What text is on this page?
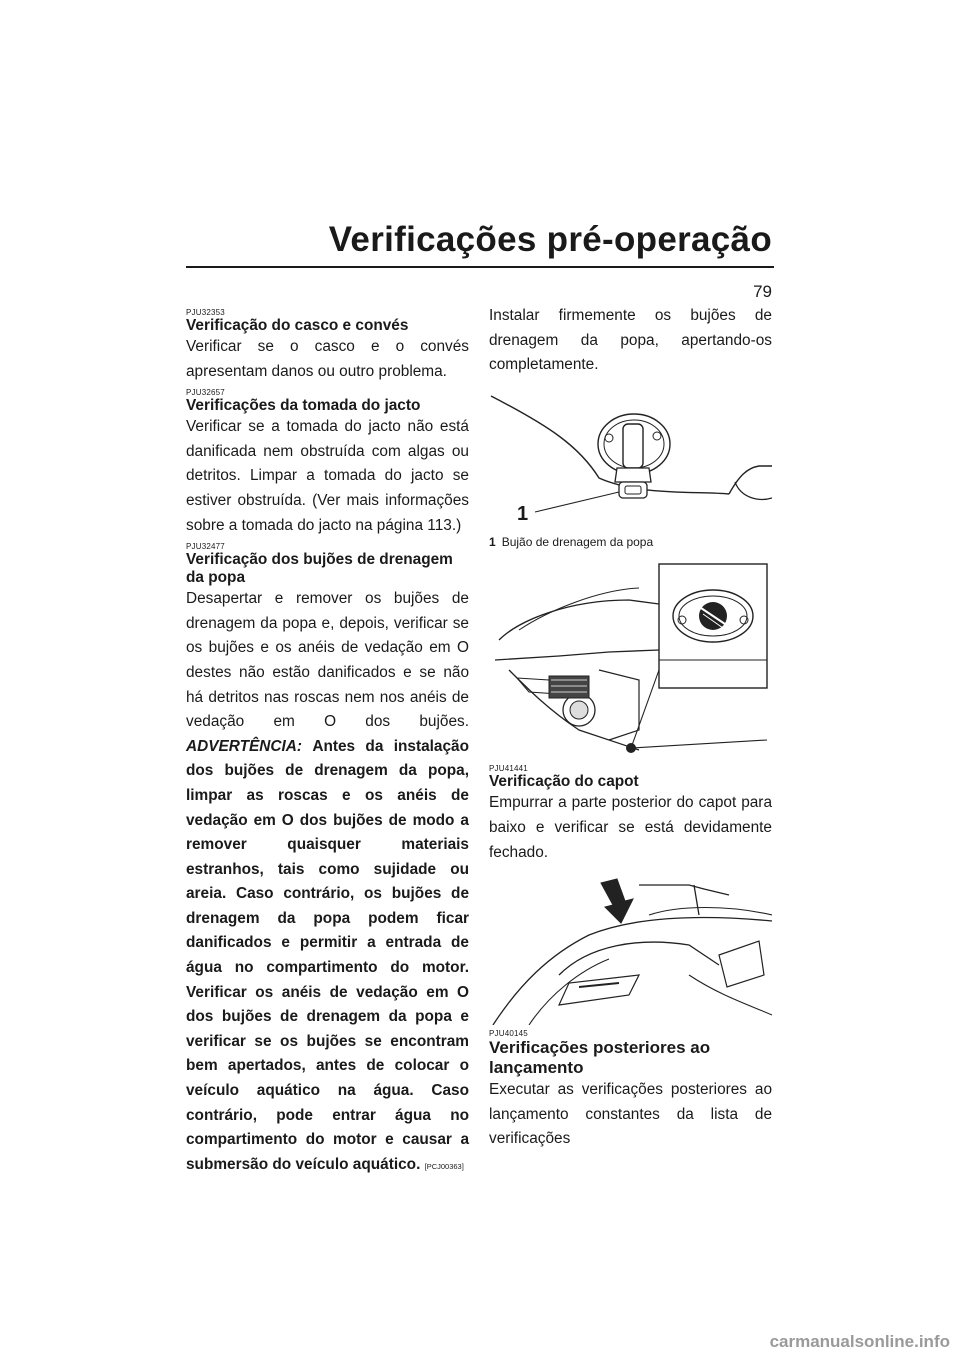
Verificações pré-operação
79
PJU32353
Verificação do casco e convés

Verificar se o casco e o convés apresentam danos ou outro problema.

PJU32657
Verificações da tomada do jacto

Verificar se a tomada do jacto não está danificada nem obstruída com algas ou detritos. Limpar a tomada do jacto se estiver obstruída. (Ver mais informações sobre a tomada do jacto na página 113.)

PJU32477
Verificação dos bujões de drenagem da popa

Desapertar e remover os bujões de drenagem da popa e, depois, verificar se os bujões e os anéis de vedação em O destes não estão danificados e se não há detritos nas roscas nem nos anéis de vedação em O dos bujões. ADVERTÊNCIA: Antes da instalação dos bujões de drenagem da popa, limpar as roscas e os anéis de vedação em O dos bujões de modo a remover quaisquer materiais estranhos, tais como sujidade ou areia. Caso contrário, os bujões de drenagem da popa podem ficar danificados e permitir a entrada de água no compartimento do motor. Verificar os anéis de vedação em O dos bujões de drenagem da popa e verificar se os bujões se encontram bem apertados, antes de colocar o veículo aquático na água. Caso contrário, pode entrar água no compartimento do motor e causar a submersão do veículo aquático. [PCJ00363]

Instalar firmemente os bujões de drenagem da popa, apertando-os completamente.

1
1 Bujão de drenagem da popa
PJU41441
Verificação do capot

Empurrar a parte posterior do capot para baixo e verificar se está devidamente fechado.

PJU40145
Verificações posteriores ao lançamento

Executar as verificações posteriores ao lançamento constantes da lista de verificações

carmanualsonline.info
